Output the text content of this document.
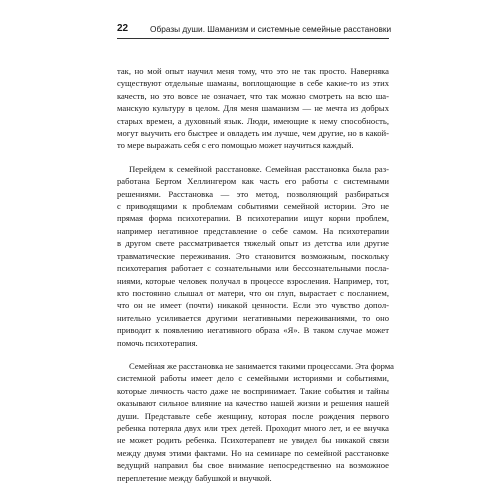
22	Образы души. Шаманизм и системные семейные расстановки

так, но мой опыт научил меня тому, что это не так просто. Наверняка
существуют отдельные шаманы, воплощающие в себе какие-то из этих
качеств, но это вовсе не означает, что так можно смотреть на всю ша-
манскую культуру в целом. Для меня шаманизм — не мечта из добрых
старых времен, а духовный язык. Люди, имеющие к нему способность,
могут выучить его быстрее и овладеть им лучше, чем другие, но в какой-
то мере выражать себя с его помощью может научиться каждый.

Перейдем к семейной расстановке. Семейная расстановка была раз-
работана Бертом Хеллингером как часть его работы с системными
решениями. Расстановка — это метод, позволяющий разбираться
с приводящими к проблемам событиями семейной истории. Это не
прямая форма психотерапии. В психотерапии ищут корни проблем,
например негативное представление о себе самом. На психотерапии
в другом свете рассматривается тяжелый опыт из детства или другие
травматические переживания. Это становится возможным, поскольку
психотерапия работает с сознательными или бессознательными посла-
ниями, которые человек получал в процессе взросления. Например, тот,
кто постоянно слышал от матери, что он глуп, вырастает с посланием,
что он не имеет (почти) никакой ценности. Если это чувство допол-
нительно усиливается другими негативными переживаниями, то оно
приводит к появлению негативного образа «Я». В таком случае может
помочь психотерапия.

Семейная же расстановка не занимается такими процессами. Эта форма
системной работы имеет дело с семейными историями и событиями,
которые личность часто даже не воспринимает. Такие события и тайны
оказывают сильное влияние на качество нашей жизни и решения нашей
души. Представьте себе женщину, которая после рождения первого
ребенка потеряла двух или трех детей. Проходит много лет, и ее внучка
не может родить ребенка. Психотерапевт не увидел бы никакой связи
между двумя этими фактами. Но на семинаре по семейной расстановке
ведущий направил бы свое внимание непосредственно на возможное
переплетение между бабушкой и внучкой.
